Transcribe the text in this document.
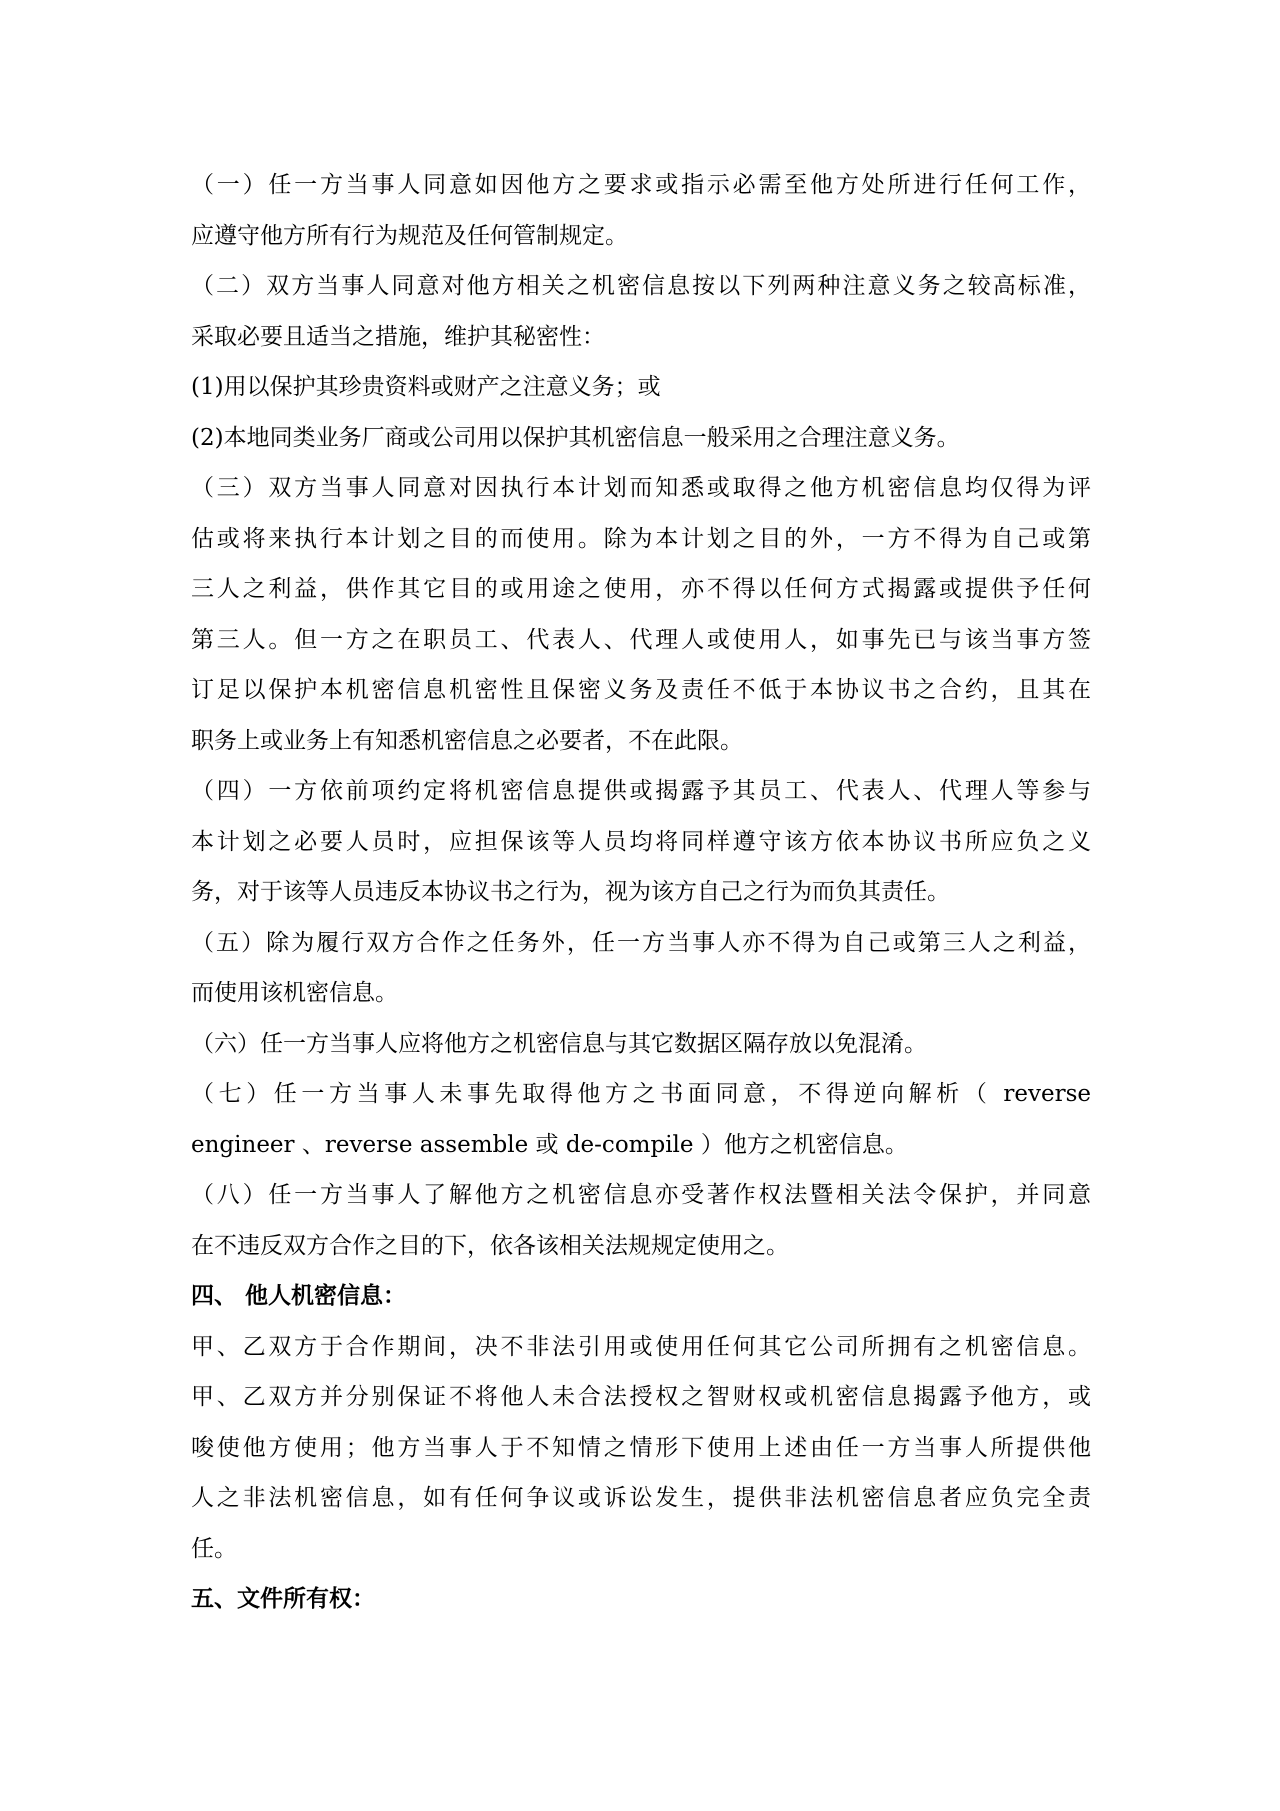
（一）任一方当事人同意如因他方之要求或指示必需至他方处所进行任何工作，
应遵守他方所有行为规范及任何管制规定。
（二）双方当事人同意对他方相关之机密信息按以下列两种注意义务之较高标准，
采取必要且适当之措施，维护其秘密性：
(1)用以保护其珍贵资料或财产之注意义务；或
(2)本地同类业务厂商或公司用以保护其机密信息一般采用之合理注意义务。
（三）双方当事人同意对因执行本计划而知悉或取得之他方机密信息均仅得为评
估或将来执行本计划之目的而使用。除为本计划之目的外，一方不得为自己或第
三人之利益，供作其它目的或用途之使用，亦不得以任何方式揭露或提供予任何
第三人。但一方之在职员工、代表人、代理人或使用人，如事先已与该当事方签
订足以保护本机密信息机密性且保密义务及责任不低于本协议书之合约，且其在
职务上或业务上有知悉机密信息之必要者，不在此限。
（四）一方依前项约定将机密信息提供或揭露予其员工、代表人、代理人等参与
本计划之必要人员时，应担保该等人员均将同样遵守该方依本协议书所应负之义
务，对于该等人员违反本协议书之行为，视为该方自己之行为而负其责任。
（五）除为履行双方合作之任务外，任一方当事人亦不得为自己或第三人之利益，
而使用该机密信息。
（六）任一方当事人应将他方之机密信息与其它数据区隔存放以免混淆。
（七）任一方当事人未事先取得他方之书面同意，不得逆向解析（ reverse
engineer 、reverse assemble 或 de-compile ）他方之机密信息。
（八）任一方当事人了解他方之机密信息亦受著作权法暨相关法令保护，并同意
在不违反双方合作之目的下，依各该相关法规规定使用之。
四、 他人机密信息：
甲、乙双方于合作期间，决不非法引用或使用任何其它公司所拥有之机密信息。
甲、乙双方并分别保证不将他人未合法授权之智财权或机密信息揭露予他方，或
唆使他方使用；他方当事人于不知情之情形下使用上述由任一方当事人所提供他
人之非法机密信息，如有任何争议或诉讼发生，提供非法机密信息者应负完全责
任。
五、文件所有权：
